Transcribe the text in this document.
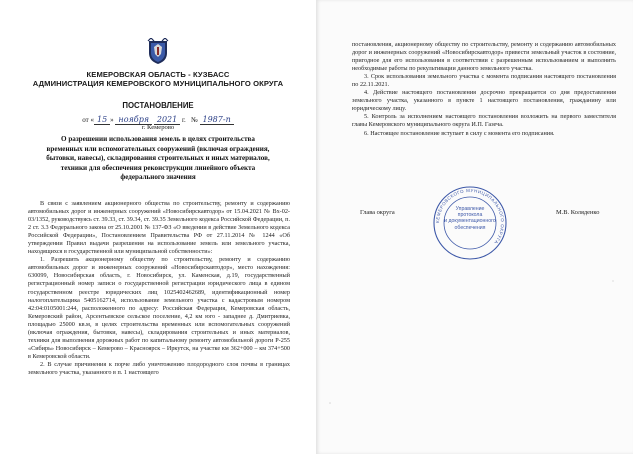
КЕМЕРОВСКАЯ ОБЛАСТЬ - КУЗБАСС
АДМИНИСТРАЦИЯ КЕМЕРОВСКОГО МУНИЦИПАЛЬНОГО ОКРУГА
ПОСТАНОВЛЕНИЕ
от « 15 » ноября 2021 г. № 1987-п
г. Кемерово
О разрешении использования земель в целях строительства
временных или вспомогательных сооружений (включая ограждения,
бытовки, навесы), складирования строительных и иных материалов,
техники для обеспечения реконструкции линейного объекта
федерального значения

В связи с заявлением акционерного общества по строительству, ремонту и содержанию автомобильных дорог и инженерных сооружений «Новосибирскавтодор» от 15.04.2021 № Вх-02-03/1352, руководствуясь ст. 39.33, ст. 39.34, ст. 39.35 Земельного кодекса Российской Федерации, п. 2 ст. 3.3 Федерального закона от 25.10.2001 № 137-ФЗ «О введении в действие Земельного кодекса Российской Федерации», Постановлением Правительства РФ от 27.11.2014 № 1244 «Об утверждении Правил выдачи разрешения на использование земель или земельного участка, находящихся в государственной или муниципальной собственности»:

1. Разрешить акционерному обществу по строительству, ремонту и содержанию автомобильных дорог и инженерных сооружений «Новосибирскавтодор», место нахождения: 630099, Новосибирская область, г. Новосибирск, ул. Каменская, д.19, государственный регистрационный номер записи о государственной регистрации юридического лица в едином государственном реестре юридических лиц 1025402462689, идентификационный номер налогоплательщика 5405162714, использование земельного участка с кадастровым номером 42:04:0105001:244, расположенного по адресу: Российская Федерация, Кемеровская область, Кемеровский район, Арсентьевское сельское поселение, 4,2 км юго - западнее д. Дмитриевка, площадью 25000 кв.м, в целях строительства временных или вспомогательных сооружений (включая ограждения, бытовки, навесы), складирования строительных и иных материалов, техники для выполнения дорожных работ по капитальному ремонту автомобильной дороги Р-255 «Сибирь» Новосибирск – Кемерово – Красноярск – Иркутск, на участке км 362+000 – км 374+500 в Кемеровской области.

2. В случае причинения к порче либо уничтожению плодородного слоя почвы в границах земельного участка, указанного в п. 1 настоящего

постановления, акционерному обществу по строительству, ремонту и содержанию автомобильных дорог и инженерных сооружений «Новосибирскавтодор» привести земельный участок в состояние, пригодное для его использования в соответствии с разрешенным использованием и выполнить необходимые работы по рекультивации данного земельного участка.

3. Срок использования земельного участка с момента подписания настоящего постановления по 22.11.2021.

4. Действие настоящего постановления досрочно прекращается со дня предоставления земельного участка, указанного в пункте 1 настоящего постановления, гражданину или юридическому лицу.

5. Контроль за исполнением настоящего постановления возложить на первого заместителя главы Кемеровского муниципального округа И.П. Газеча.

6. Настоящее постановление вступает в силу с момента его подписания.

Глава округа	М.В. Коляденко
КЕМЕРОВСКОГО МУНИЦИПАЛЬНОГО ОКРУГА
Управление
протокола
и документационного
обеспечения
